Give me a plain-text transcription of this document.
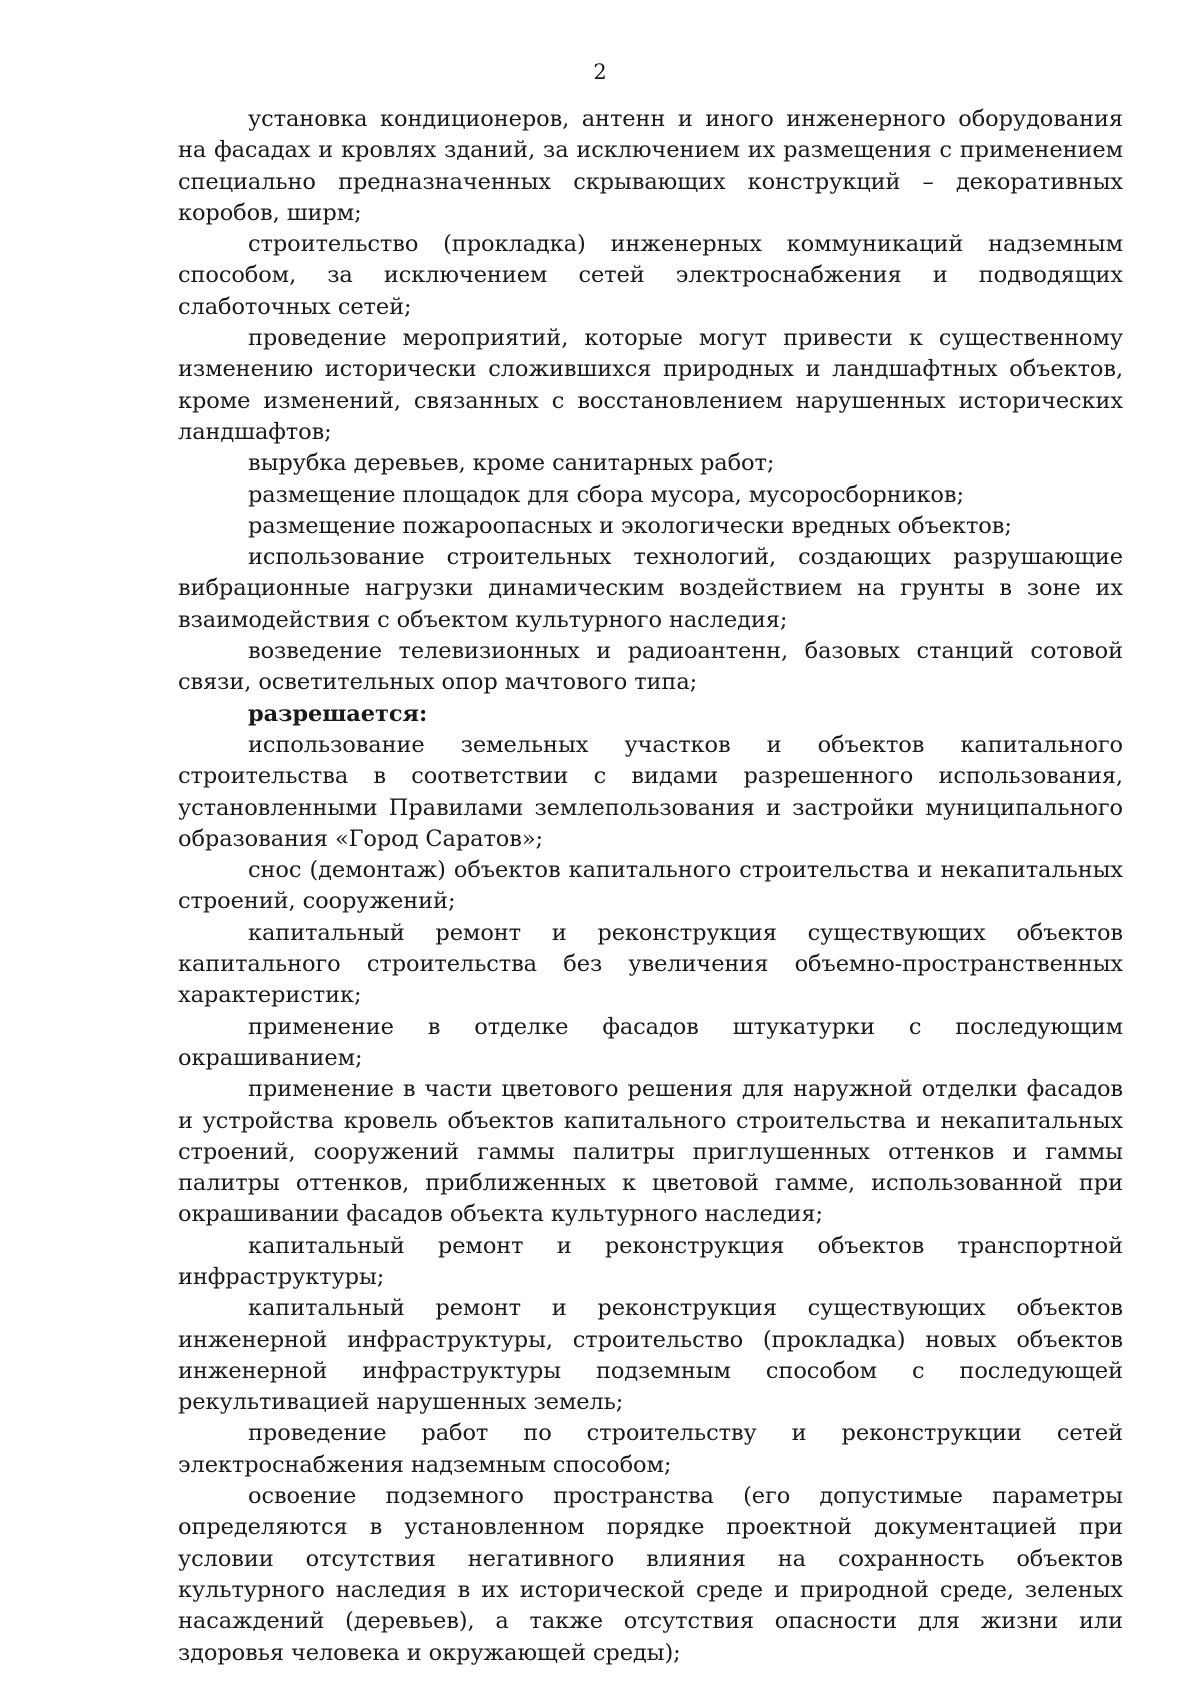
2

установка кондиционеров, антенн и иного инженерного оборудования на фасадах и кровлях зданий, за исключением их размещения с применением специально предназначенных скрывающих конструкций – декоративных коробов, ширм;

строительство (прокладка) инженерных коммуникаций надземным способом, за исключением сетей электроснабжения и подводящих слаботочных сетей;

проведение мероприятий, которые могут привести к существенному изменению исторически сложившихся природных и ландшафтных объектов, кроме изменений, связанных с восстановлением нарушенных исторических ландшафтов;

вырубка деревьев, кроме санитарных работ;

размещение площадок для сбора мусора, мусоросборников;

размещение пожароопасных и экологически вредных объектов;

использование строительных технологий, создающих разрушающие вибрационные нагрузки динамическим воздействием на грунты в зоне их взаимодействия с объектом культурного наследия;

возведение телевизионных и радиоантенн, базовых станций сотовой связи, осветительных опор мачтового типа;

разрешается:

использование земельных участков и объектов капитального строительства в соответствии с видами разрешенного использования, установленными Правилами землепользования и застройки муниципального образования «Город Саратов»;

снос (демонтаж) объектов капитального строительства и некапитальных строений, сооружений;

капитальный ремонт и реконструкция существующих объектов капитального строительства без увеличения объемно-пространственных характеристик;

применение в отделке фасадов штукатурки с последующим окрашиванием;

применение в части цветового решения для наружной отделки фасадов и устройства кровель объектов капитального строительства и некапитальных строений, сооружений гаммы палитры приглушенных оттенков и гаммы палитры оттенков, приближенных к цветовой гамме, использованной при окрашивании фасадов объекта культурного наследия;

капитальный ремонт и реконструкция объектов транспортной инфраструктуры;

капитальный ремонт и реконструкция существующих объектов инженерной инфраструктуры, строительство (прокладка) новых объектов инженерной инфраструктуры подземным способом с последующей рекультивацией нарушенных земель;

проведение работ по строительству и реконструкции сетей электроснабжения надземным способом;

освоение подземного пространства (его допустимые параметры определяются в установленном порядке проектной документацией при условии отсутствия негативного влияния на сохранность объектов культурного наследия в их исторической среде и природной среде, зеленых насаждений (деревьев), а также отсутствия опасности для жизни или здоровья человека и окружающей среды);
